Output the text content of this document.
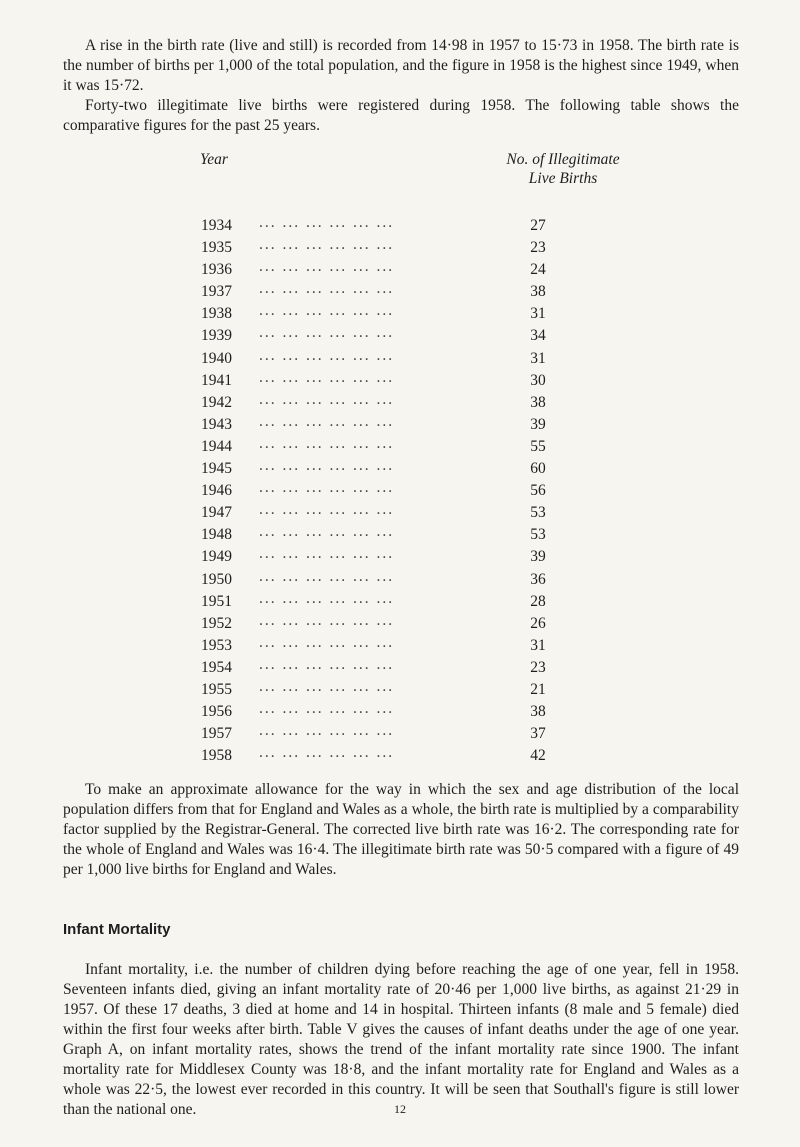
A rise in the birth rate (live and still) is recorded from 14·98 in 1957 to 15·73 in 1958. The birth rate is the number of births per 1,000 of the total population, and the figure in 1958 is the highest since 1949, when it was 15·72.

Forty-two illegitimate live births were registered during 1958. The following table shows the comparative figures for the past 25 years.

Year	No. of Illegitimate
Live Births
1934 ... ... ... ... ... ...	27
1935 ... ... ... ... ... ...	23
1936 ... ... ... ... ... ...	24
1937 ... ... ... ... ... ...	38
1938 ... ... ... ... ... ...	31
1939 ... ... ... ... ... ...	34
1940 ... ... ... ... ... ...	31
1941 ... ... ... ... ... ...	30
1942 ... ... ... ... ... ...	38
1943 ... ... ... ... ... ...	39
1944 ... ... ... ... ... ...	55
1945 ... ... ... ... ... ...	60
1946 ... ... ... ... ... ...	56
1947 ... ... ... ... ... ...	53
1948 ... ... ... ... ... ...	53
1949 ... ... ... ... ... ...	39
1950 ... ... ... ... ... ...	36
1951 ... ... ... ... ... ...	28
1952 ... ... ... ... ... ...	26
1953 ... ... ... ... ... ...	31
1954 ... ... ... ... ... ...	23
1955 ... ... ... ... ... ...	21
1956 ... ... ... ... ... ...	38
1957 ... ... ... ... ... ...	37
1958 ... ... ... ... ... ...	42

To make an approximate allowance for the way in which the sex and age distribution of the local population differs from that for England and Wales as a whole, the birth rate is multiplied by a comparability factor supplied by the Registrar-General. The corrected live birth rate was 16·2. The corresponding rate for the whole of England and Wales was 16·4. The illegitimate birth rate was 50·5 compared with a figure of 49 per 1,000 live births for England and Wales.

Infant Mortality

Infant mortality, i.e. the number of children dying before reaching the age of one year, fell in 1958. Seventeen infants died, giving an infant mortality rate of 20·46 per 1,000 live births, as against 21·29 in 1957. Of these 17 deaths, 3 died at home and 14 in hospital. Thirteen infants (8 male and 5 female) died within the first four weeks after birth. Table V gives the causes of infant deaths under the age of one year. Graph A, on infant mortality rates, shows the trend of the infant mortality rate since 1900. The infant mortality rate for Middlesex County was 18·8, and the infant mortality rate for England and Wales as a whole was 22·5, the lowest ever recorded in this country. It will be seen that Southall's figure is still lower than the national one.	12
